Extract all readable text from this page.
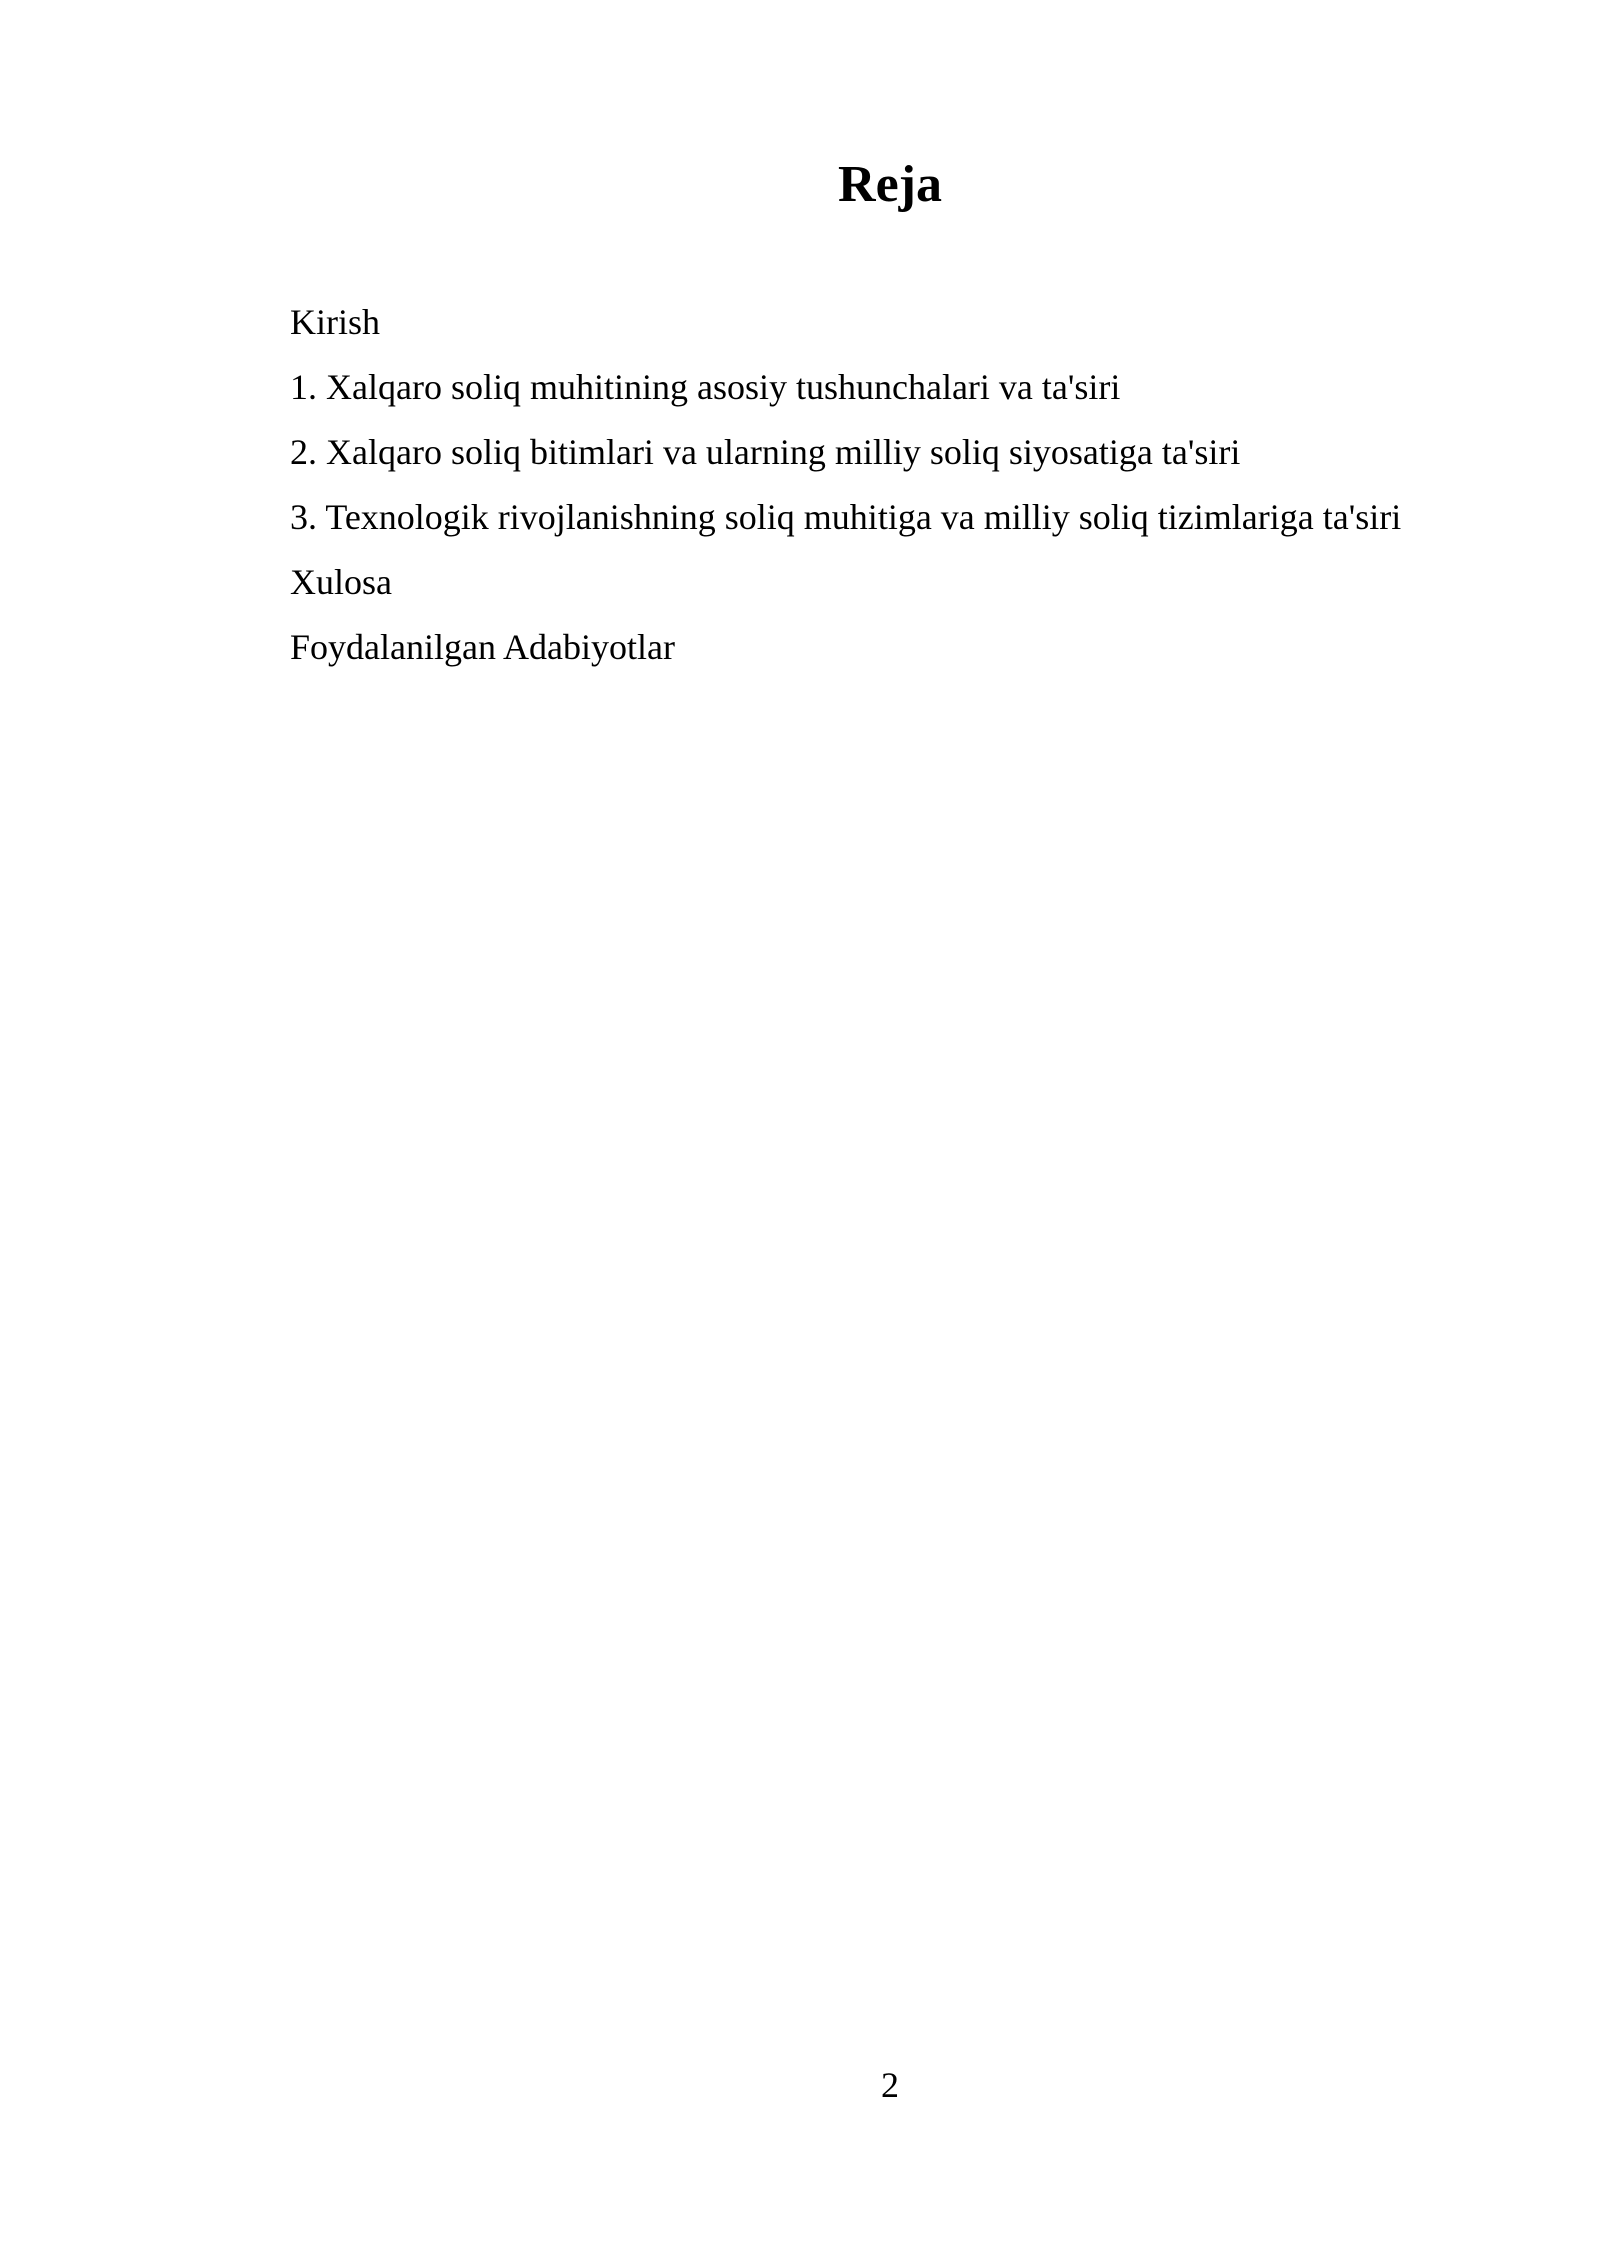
Reja
Kirish
1. Xalqaro soliq muhitining asosiy tushunchalari va ta'siri
2. Xalqaro soliq bitimlari va ularning milliy soliq siyosatiga ta'siri
3. Texnologik rivojlanishning soliq muhitiga va milliy soliq tizimlariga ta'siri
Xulosa
Foydalanilgan Adabiyotlar
2
